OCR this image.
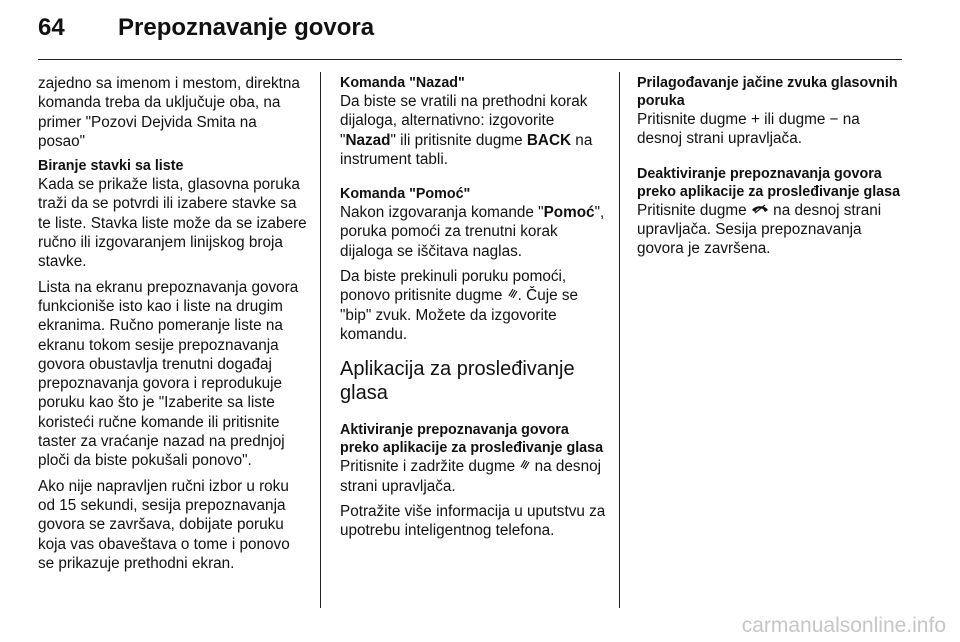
64 Prepoznavanje govora

zajedno sa imenom i mestom, direktna komanda treba da uključuje oba, na primer "Pozovi Dejvida Smita na posao"

Biranje stavki sa liste

Kada se prikaže lista, glasovna poruka traži da se potvrdi ili izabere stavke sa te liste. Stavka liste može da se izabere ručno ili izgovaranjem linijskog broja stavke.

Lista na ekranu prepoznavanja govora funkcioniše isto kao i liste na drugim ekranima. Ručno pomeranje liste na ekranu tokom sesije prepoznavanja govora obustavlja trenutni događaj prepoznavanja govora i reprodukuje poruku kao što je "Izaberite sa liste koristeći ručne komande ili pritisnite taster za vraćanje nazad na prednjoj ploči da biste pokušali ponovo".

Ako nije napravljen ručni izbor u roku od 15 sekundi, sesija prepoznavanja govora se završava, dobijate poruku koja vas obaveštava o tome i ponovo se prikazuje prethodni ekran.

Komanda "Nazad"

Da biste se vratili na prethodni korak dijaloga, alternativno: izgovorite "Nazad" ili pritisnite dugme BACK na instrument tabli.

Komanda "Pomoć"

Nakon izgovaranja komande "Pomoć", poruka pomoći za trenutni korak dijaloga se iščitava naglas.

Da biste prekinuli poruku pomoći, ponovo pritisnite dugme . Čuje se "bip" zvuk. Možete da izgovorite komandu.

Aplikacija za prosleđivanje glasa
Aktiviranje prepoznavanja govora preko aplikacije za prosleđivanje glasa

Pritisnite i zadržite dugme  na desnoj strani upravljača.

Potražite više informacija u uputstvu za upotrebu inteligentnog telefona.

Prilagođavanje jačine zvuka glasovnih poruka

Pritisnite dugme + ili dugme − na desnoj strani upravljača.

Deaktiviranje prepoznavanja govora preko aplikacije za prosleđivanje glasa

Pritisnite dugme  na desnoj strani upravljača. Sesija prepoznavanja govora je završena.

carmanualsonline.info
